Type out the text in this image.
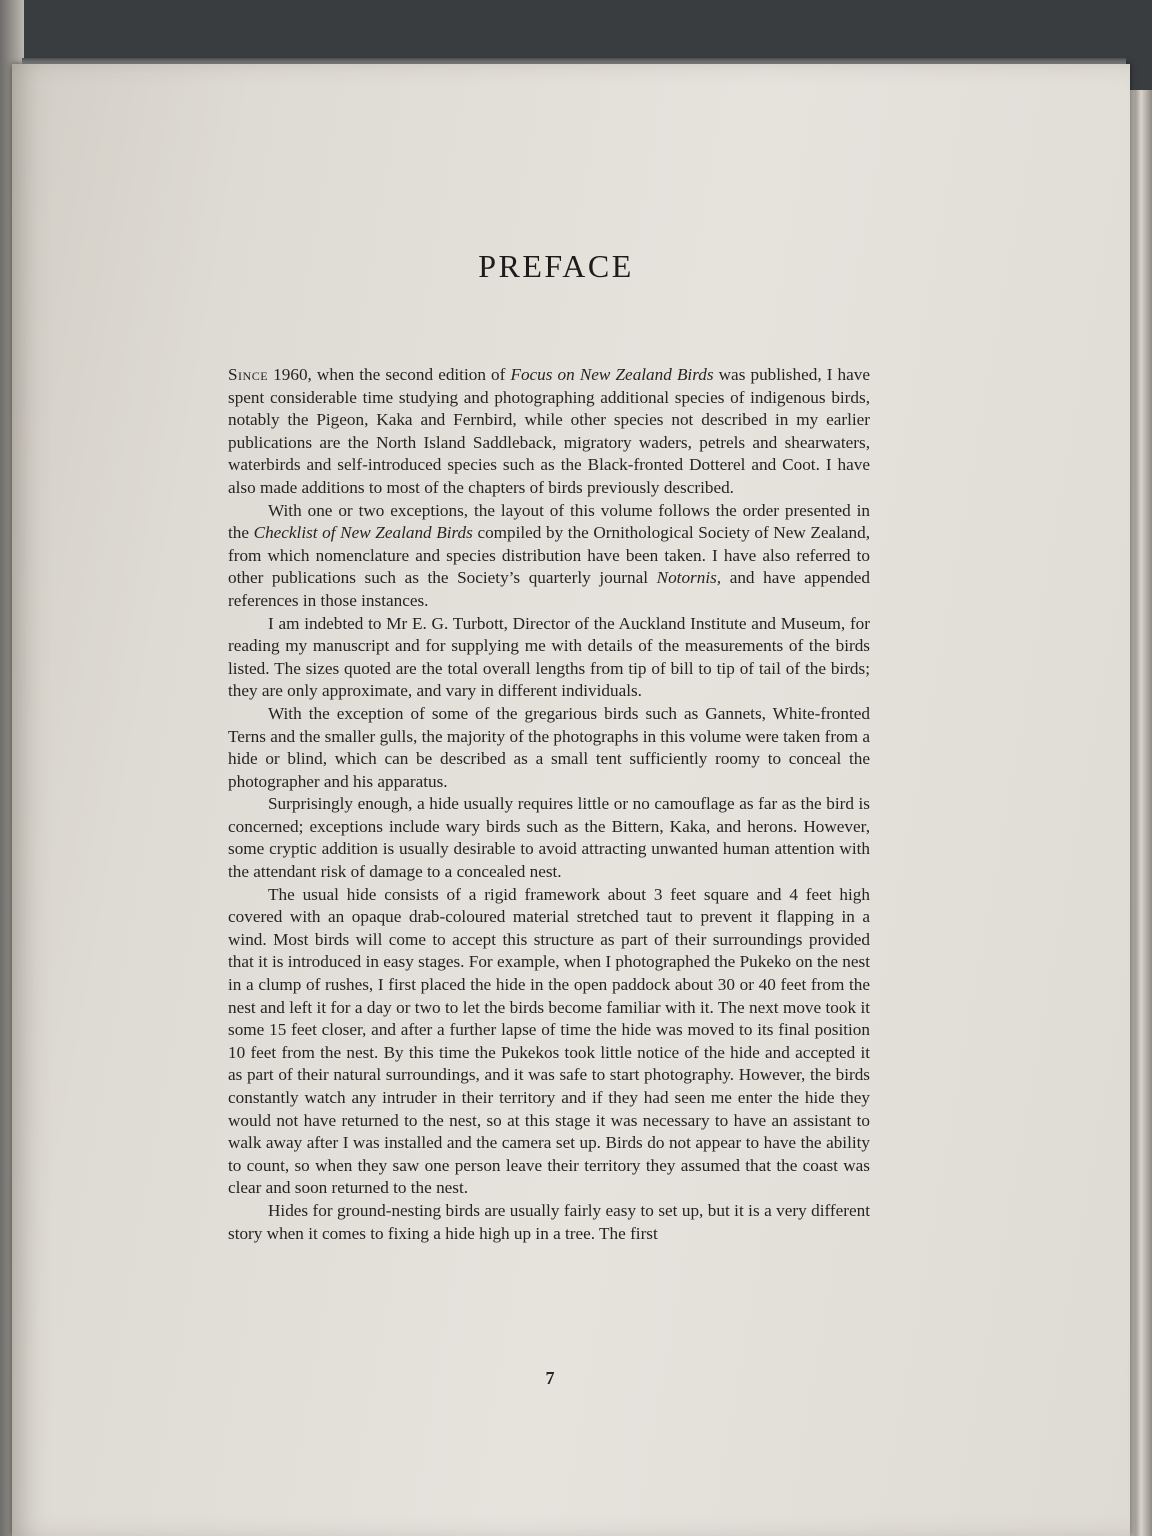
PREFACE

Since 1960, when the second edition of Focus on New Zealand Birds was published, I have spent considerable time studying and photographing additional species of indigenous birds, notably the Pigeon, Kaka and Fernbird, while other species not described in my earlier publications are the North Island Saddleback, migratory waders, petrels and shearwaters, waterbirds and self-introduced species such as the Black-fronted Dotterel and Coot. I have also made additions to most of the chapters of birds previously described.

With one or two exceptions, the layout of this volume follows the order presented in the Checklist of New Zealand Birds compiled by the Ornithological Society of New Zealand, from which nomenclature and species distribution have been taken. I have also referred to other publications such as the Society’s quarterly journal Notornis, and have appended references in those instances.

I am indebted to Mr E. G. Turbott, Director of the Auckland Institute and Museum, for reading my manuscript and for supplying me with details of the measurements of the birds listed. The sizes quoted are the total overall lengths from tip of bill to tip of tail of the birds; they are only approximate, and vary in different individuals.

With the exception of some of the gregarious birds such as Gannets, White-fronted Terns and the smaller gulls, the majority of the photographs in this volume were taken from a hide or blind, which can be described as a small tent sufficiently roomy to conceal the photographer and his apparatus.

Surprisingly enough, a hide usually requires little or no camouflage as far as the bird is concerned; exceptions include wary birds such as the Bittern, Kaka, and herons. However, some cryptic addition is usually desirable to avoid attracting unwanted human attention with the attendant risk of damage to a concealed nest.

The usual hide consists of a rigid framework about 3 feet square and 4 feet high covered with an opaque drab-coloured material stretched taut to prevent it flapping in a wind. Most birds will come to accept this structure as part of their surroundings provided that it is introduced in easy stages. For example, when I photographed the Pukeko on the nest in a clump of rushes, I first placed the hide in the open paddock about 30 or 40 feet from the nest and left it for a day or two to let the birds become familiar with it. The next move took it some 15 feet closer, and after a further lapse of time the hide was moved to its final position 10 feet from the nest. By this time the Pukekos took little notice of the hide and accepted it as part of their natural surroundings, and it was safe to start photography. However, the birds constantly watch any intruder in their territory and if they had seen me enter the hide they would not have returned to the nest, so at this stage it was necessary to have an assistant to walk away after I was installed and the camera set up. Birds do not appear to have the ability to count, so when they saw one person leave their territory they assumed that the coast was clear and soon returned to the nest.

Hides for ground-nesting birds are usually fairly easy to set up, but it is a very different story when it comes to fixing a hide high up in a tree. The first

7
